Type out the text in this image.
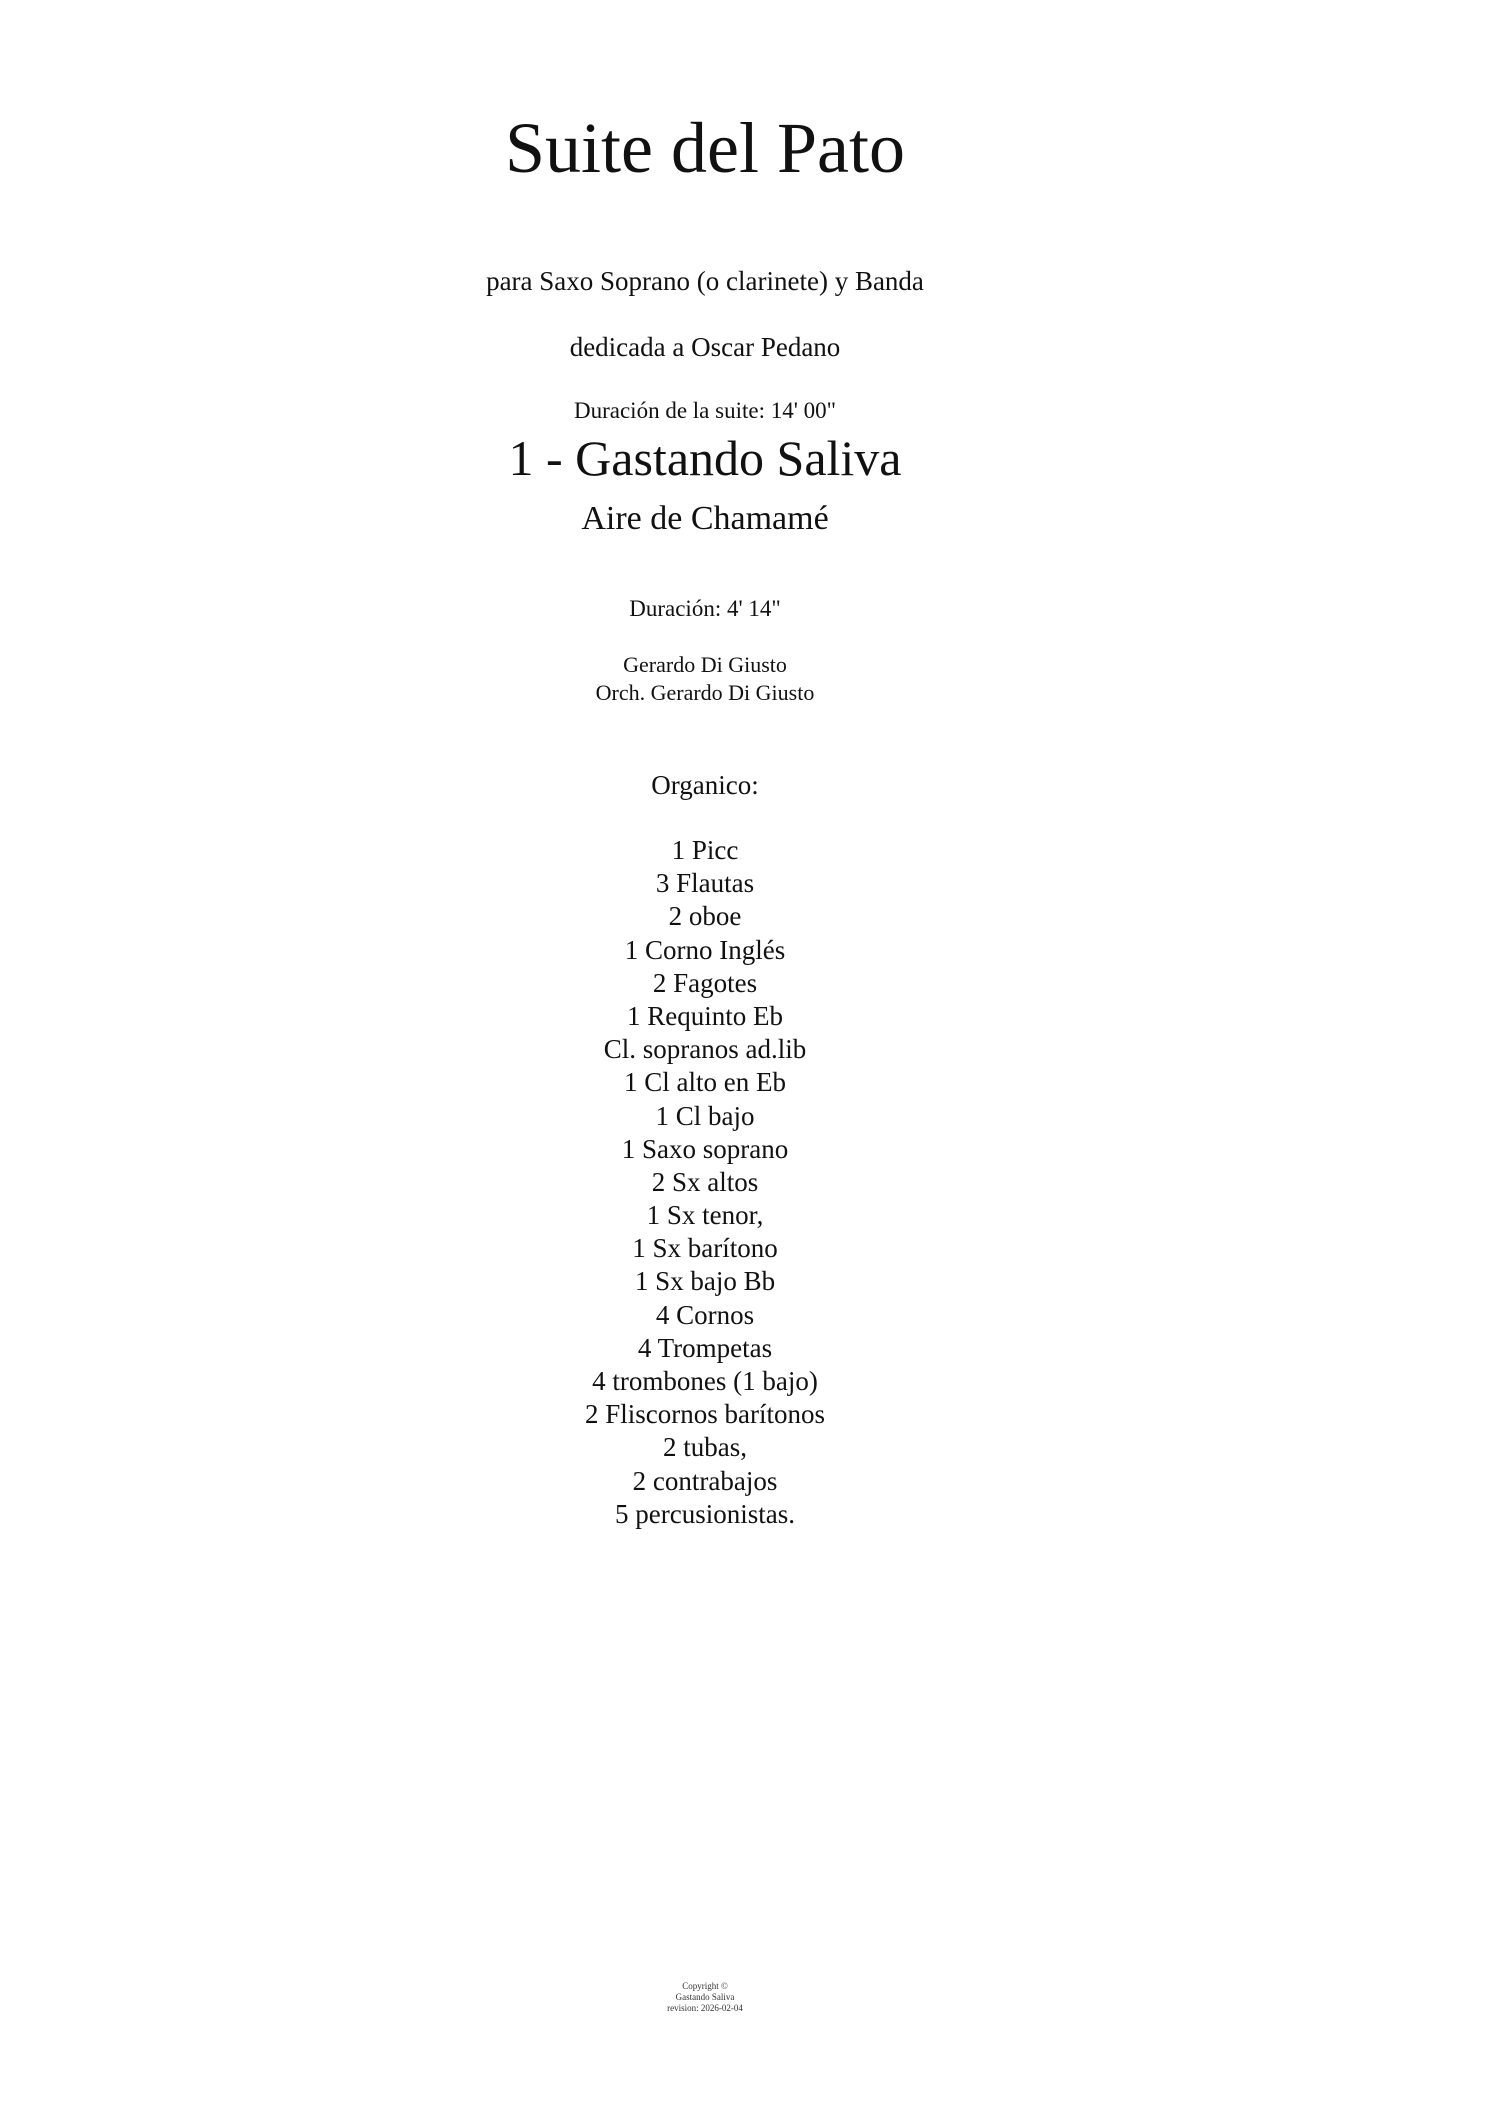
Suite del Pato
para Saxo Soprano (o clarinete) y Banda
dedicada a Oscar Pedano
Duración de la suite: 14' 00"
1 - Gastando Saliva
Aire de Chamamé
Duración: 4' 14"
Gerardo Di Giusto
Orch. Gerardo Di Giusto
Organico:
1 Picc
3 Flautas
2 oboe
1 Corno Inglés
2 Fagotes
1 Requinto Eb
Cl. sopranos ad.lib
1 Cl alto en Eb
1 Cl bajo
1 Saxo soprano
2 Sx altos
1 Sx tenor,
1 Sx barítono
1 Sx bajo Bb
4 Cornos
4 Trompetas
4 trombones (1 bajo)
2 Fliscornos barítonos
2 tubas,
2 contrabajos
5 percusionistas.
Copyright ©
Gastando Saliva
revision: 2026-02-04
